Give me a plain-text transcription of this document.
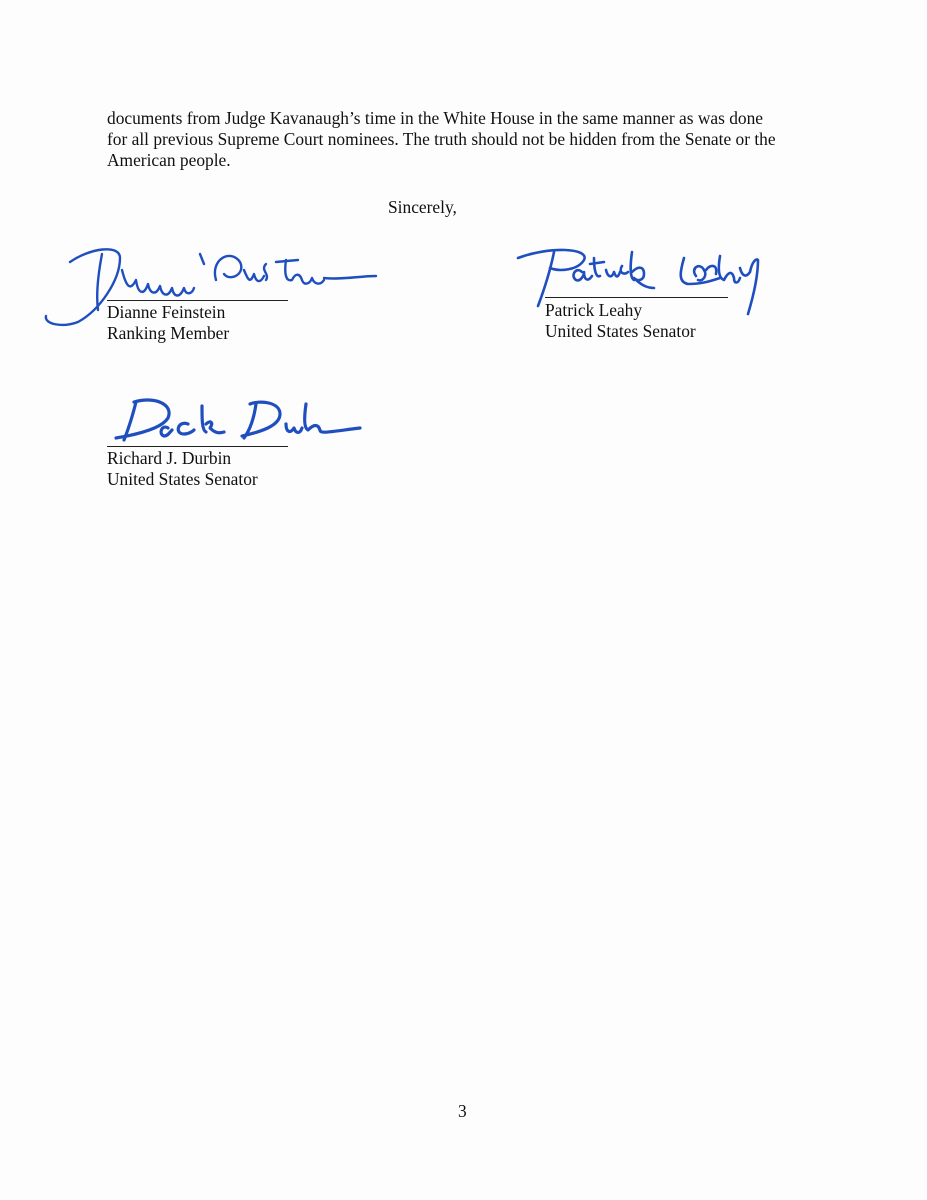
documents from Judge Kavanaugh’s time in the White House in the same manner as was done
for all previous Supreme Court nominees. The truth should not be hidden from the Senate or the
American people.
Sincerely,
Dianne Feinstein
Ranking Member
Patrick Leahy
United States Senator
Richard J. Durbin
United States Senator
3
